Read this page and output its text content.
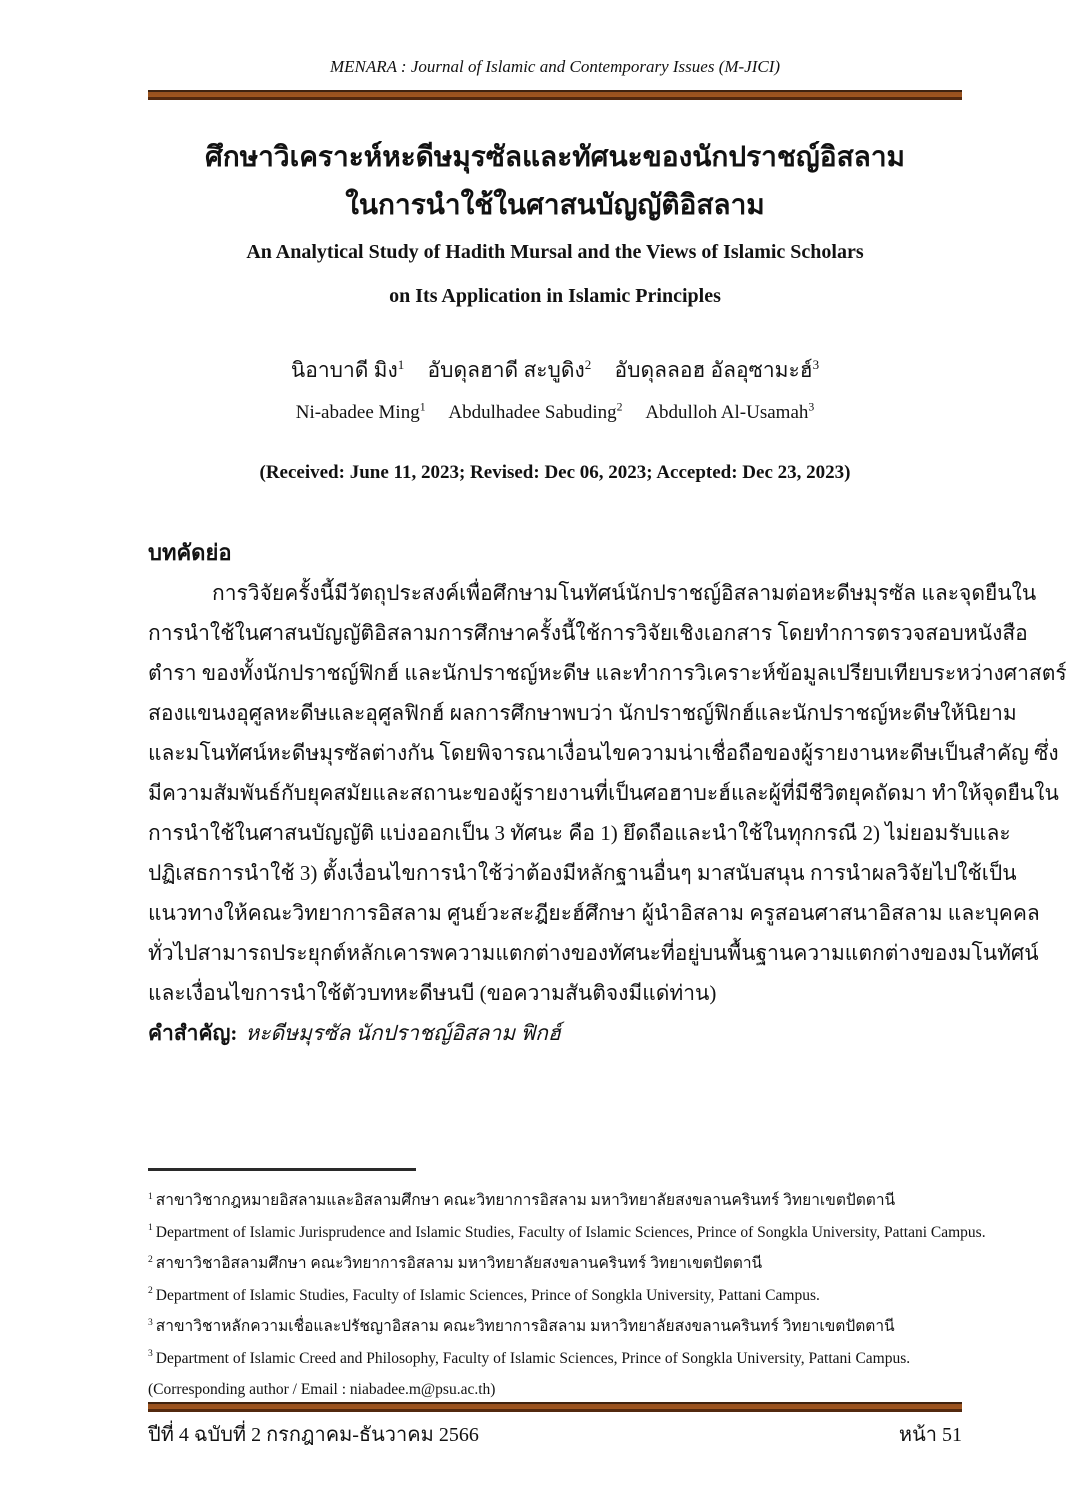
MENARA : Journal of Islamic and Contemporary Issues (M-JICI)
ศึกษาวิเคราะห์หะดีษมุรซัลและทัศนะของนักปราชญ์อิสลาม
ในการนำใช้ในศาสนบัญญัติอิสลาม
An Analytical Study of Hadith Mursal and the Views of Islamic Scholars
on Its Application in Islamic Principles
นิอาบาดี มิง$^1$ อับดุลฮาดี สะบูดิง$^2$ อับดุลลอฮ อัลอุซามะฮ์$^3$
Ni-abadee Ming$^1$ Abdulhadee Sabuding$^2$ Abdulloh Al-Usamah$^3$
(Received: June 11, 2023; Revised: Dec 06, 2023; Accepted: Dec 23, 2023)
บทคัดย่อ
การวิจัยครั้งนี้มีวัตถุประสงค์เพื่อศึกษามโนทัศน์นักปราชญ์อิสลามต่อหะดีษมุรซัล และจุดยืนใน
การนำใช้ในศาสนบัญญัติอิสลามการศึกษาครั้งนี้ใช้การวิจัยเชิงเอกสาร โดยทำการตรวจสอบหนังสือ
ตำรา ของทั้งนักปราชญ์ฟิกฮ์ และนักปราชญ์หะดีษ และทำการวิเคราะห์ข้อมูลเปรียบเทียบระหว่างศาสตร์
สองแขนงอุศูลหะดีษและอุศูลฟิกฮ์ ผลการศึกษาพบว่า นักปราชญ์ฟิกฮ์และนักปราชญ์หะดีษให้นิยาม
และมโนทัศน์หะดีษมุรซัลต่างกัน โดยพิจารณาเงื่อนไขความน่าเชื่อถือของผู้รายงานหะดีษเป็นสำคัญ ซึ่ง
มีความสัมพันธ์กับยุคสมัยและสถานะของผู้รายงานที่เป็นศอฮาบะฮ์และผู้ที่มีชีวิตยุคถัดมา ทำให้จุดยืนใน
การนำใช้ในศาสนบัญญัติ แบ่งออกเป็น 3 ทัศนะ คือ 1) ยึดถือและนำใช้ในทุกกรณี 2) ไม่ยอมรับและ
ปฏิเสธการนำใช้ 3) ตั้งเงื่อนไขการนำใช้ว่าต้องมีหลักฐานอื่นๆ มาสนับสนุน การนำผลวิจัยไปใช้เป็น
แนวทางให้คณะวิทยาการอิสลาม ศูนย์วะสะฎียะฮ์ศึกษา ผู้นำอิสลาม ครูสอนศาสนาอิสลาม และบุคคล
ทั่วไปสามารถประยุกต์หลักเคารพความแตกต่างของทัศนะที่อยู่บนพื้นฐานความแตกต่างของมโนทัศน์
และเงื่อนไขการนำใช้ตัวบทหะดีษนบี (ขอความสันติจงมีแด่ท่าน)
คำสำคัญ: หะดีษมุรซัล นักปราชญ์อิสลาม ฟิกฮ์
$^1$ สาขาวิชากฎหมายอิสลามและอิสลามศึกษา คณะวิทยาการอิสลาม มหาวิทยาลัยสงขลานครินทร์ วิทยาเขตปัตตานี
$^1$ Department of Islamic Jurisprudence and Islamic Studies, Faculty of Islamic Sciences, Prince of Songkla University, Pattani Campus.
$^2$ สาขาวิชาอิสลามศึกษา คณะวิทยาการอิสลาม มหาวิทยาลัยสงขลานครินทร์ วิทยาเขตปัตตานี
$^2$ Department of Islamic Studies, Faculty of Islamic Sciences, Prince of Songkla University, Pattani Campus.
$^3$ สาขาวิชาหลักความเชื่อและปรัชญาอิสลาม คณะวิทยาการอิสลาม มหาวิทยาลัยสงขลานครินทร์ วิทยาเขตปัตตานี
$^3$ Department of Islamic Creed and Philosophy, Faculty of Islamic Sciences, Prince of Songkla University, Pattani Campus.
(Corresponding author / Email : niabadee.m@psu.ac.th)
ปีที่ 4 ฉบับที่ 2 กรกฎาคม-ธันวาคม 2566	หน้า 51
